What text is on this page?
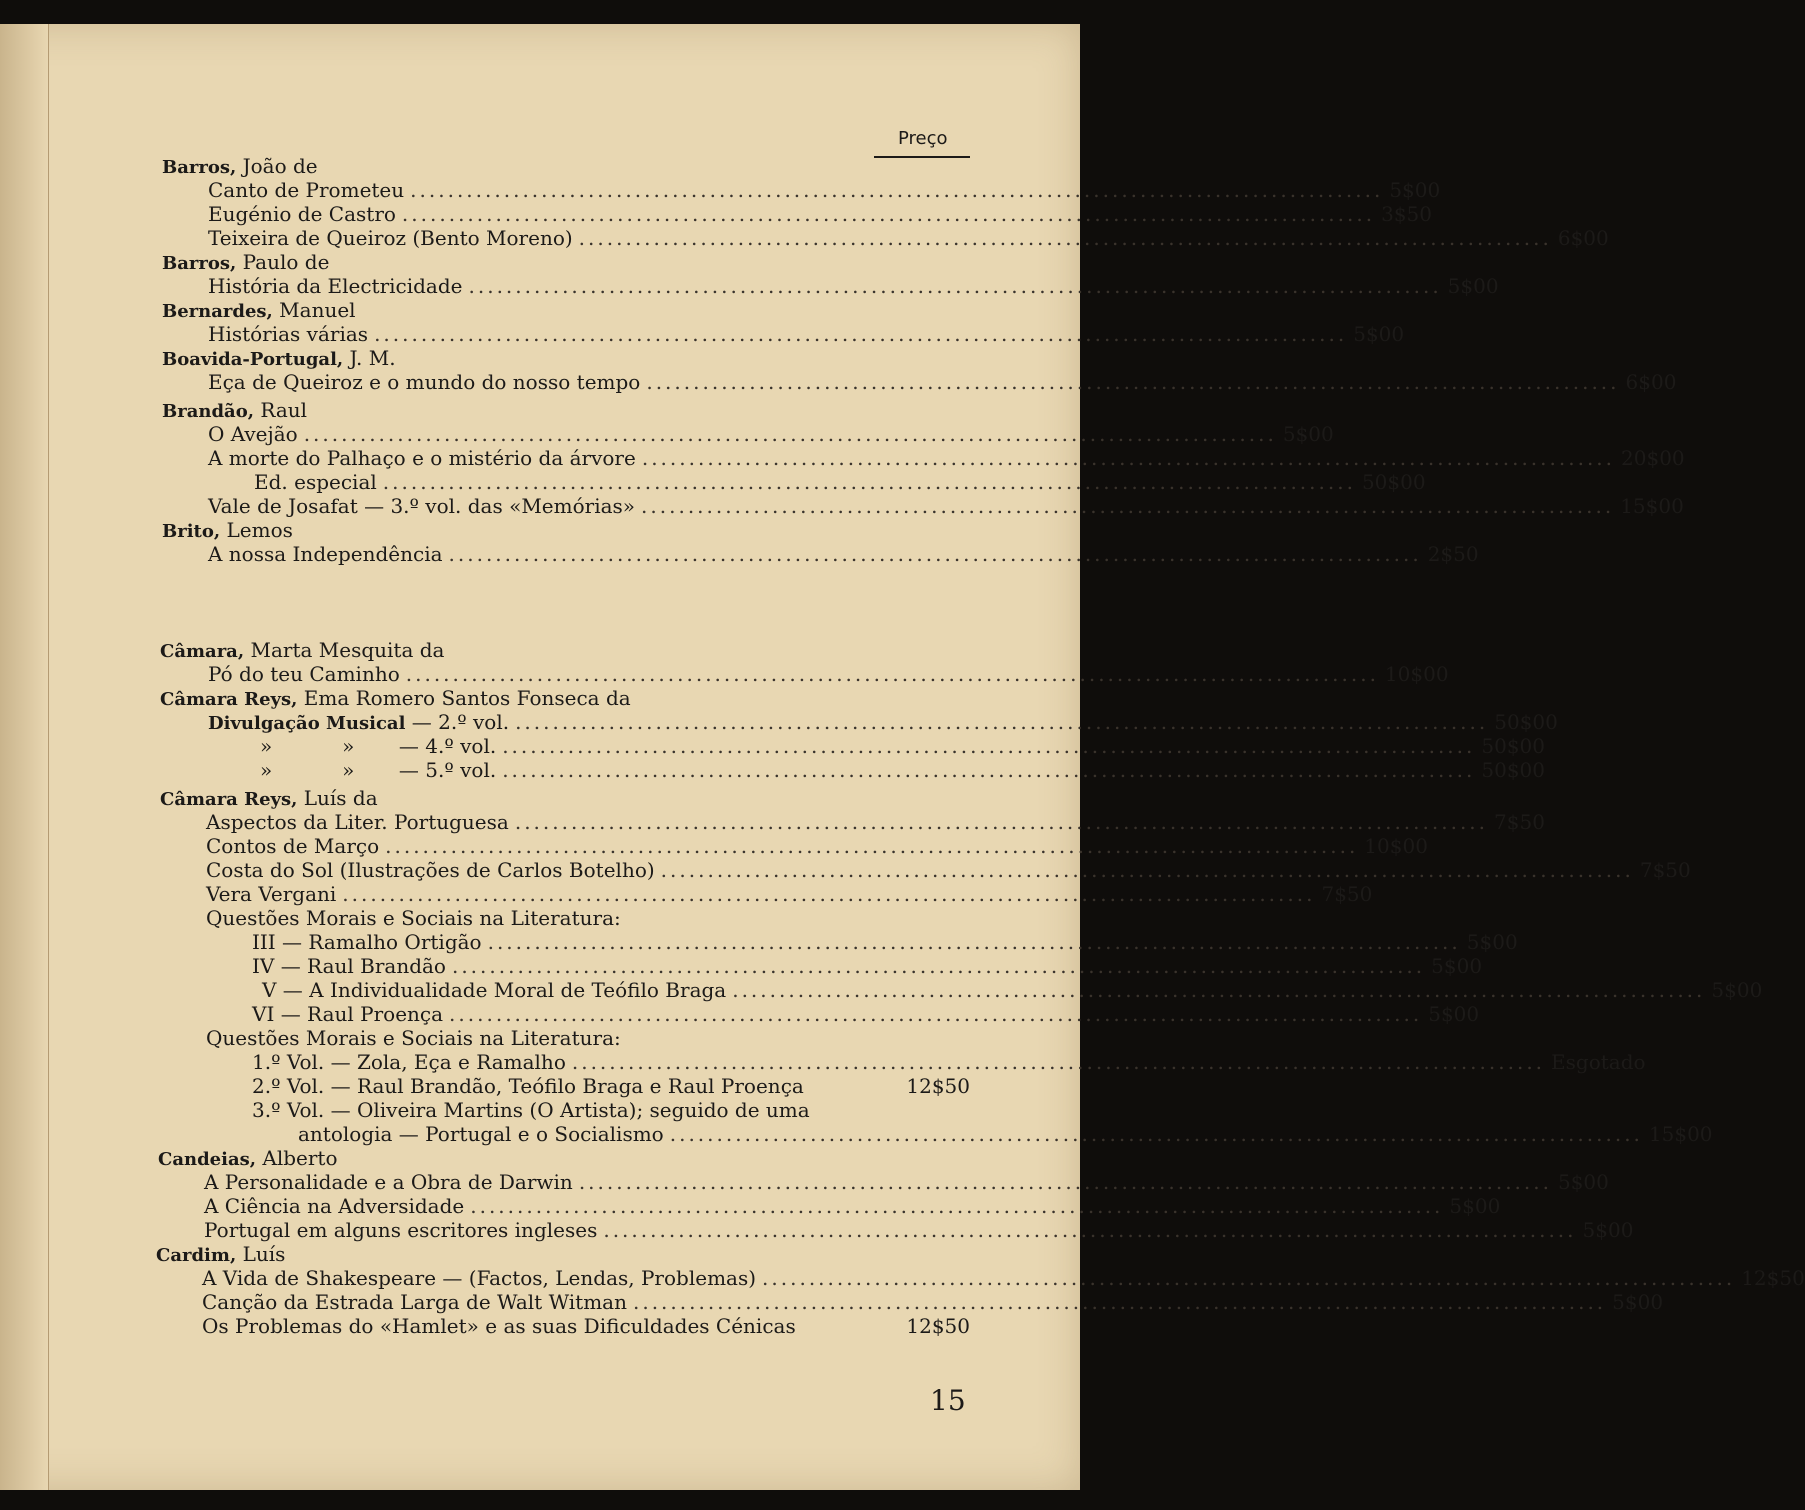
Preço
Barros, João de
Canto de Prometeu ........................................................................................................ 5$00
Eugénio de Castro ........................................................................................................ 3$50
Teixeira de Queiroz (Bento Moreno) ........................................................................................................ 6$00
Barros, Paulo de
História da Electricidade ........................................................................................................ 5$00
Bernardes, Manuel
Histórias várias ........................................................................................................ 5$00
Boavida-Portugal, J. M.
Eça de Queiroz e o mundo do nosso tempo ........................................................................................................ 6$00
Brandão, Raul
O Avejão ........................................................................................................ 5$00
A morte do Palhaço e o mistério da árvore ........................................................................................................ 20$00
Ed. especial ........................................................................................................ 50$00
Vale de Josafat — 3.º vol. das «Memórias» ........................................................................................................ 15$00
Brito, Lemos
A nossa Independência ........................................................................................................ 2$50
Câmara, Marta Mesquita da
Pó do teu Caminho ........................................................................................................ 10$00
Câmara Reys, Ema Romero Santos Fonseca da
Divulgação Musical — 2.º vol. ........................................................................................................ 50$00
»           »       — 4.º vol. ........................................................................................................ 50$00
»           »       — 5.º vol. ........................................................................................................ 50$00
Câmara Reys, Luís da
Aspectos da Liter. Portuguesa ........................................................................................................ 7$50
Contos de Março ........................................................................................................ 10$00
Costa do Sol (Ilustrações de Carlos Botelho) ........................................................................................................ 7$50
Vera Vergani ........................................................................................................ 7$50
Questões Morais e Sociais na Literatura:
III — Ramalho Ortigão ........................................................................................................ 5$00
IV — Raul Brandão ........................................................................................................ 5$00
V — A Individualidade Moral de Teófilo Braga ........................................................................................................ 5$00
VI — Raul Proença ........................................................................................................ 5$00
Questões Morais e Sociais na Literatura:
1.º Vol. — Zola, Eça e Ramalho ........................................................................................................ Esgotado
2.º Vol. — Raul Brandão, Teófilo Braga e Raul Proença	12$50
3.º Vol. — Oliveira Martins (O Artista); seguido de uma
antologia — Portugal e o Socialismo ........................................................................................................ 15$00
Candeias, Alberto
A Personalidade e a Obra de Darwin ........................................................................................................ 5$00
A Ciência na Adversidade ........................................................................................................ 5$00
Portugal em alguns escritores ingleses ........................................................................................................ 5$00
Cardim, Luís
A Vida de Shakespeare — (Factos, Lendas, Problemas) ........................................................................................................ 12$50
Canção da Estrada Larga de Walt Witman ........................................................................................................ 5$00
Os Problemas do «Hamlet» e as suas Dificuldades Cénicas	12$50
15
